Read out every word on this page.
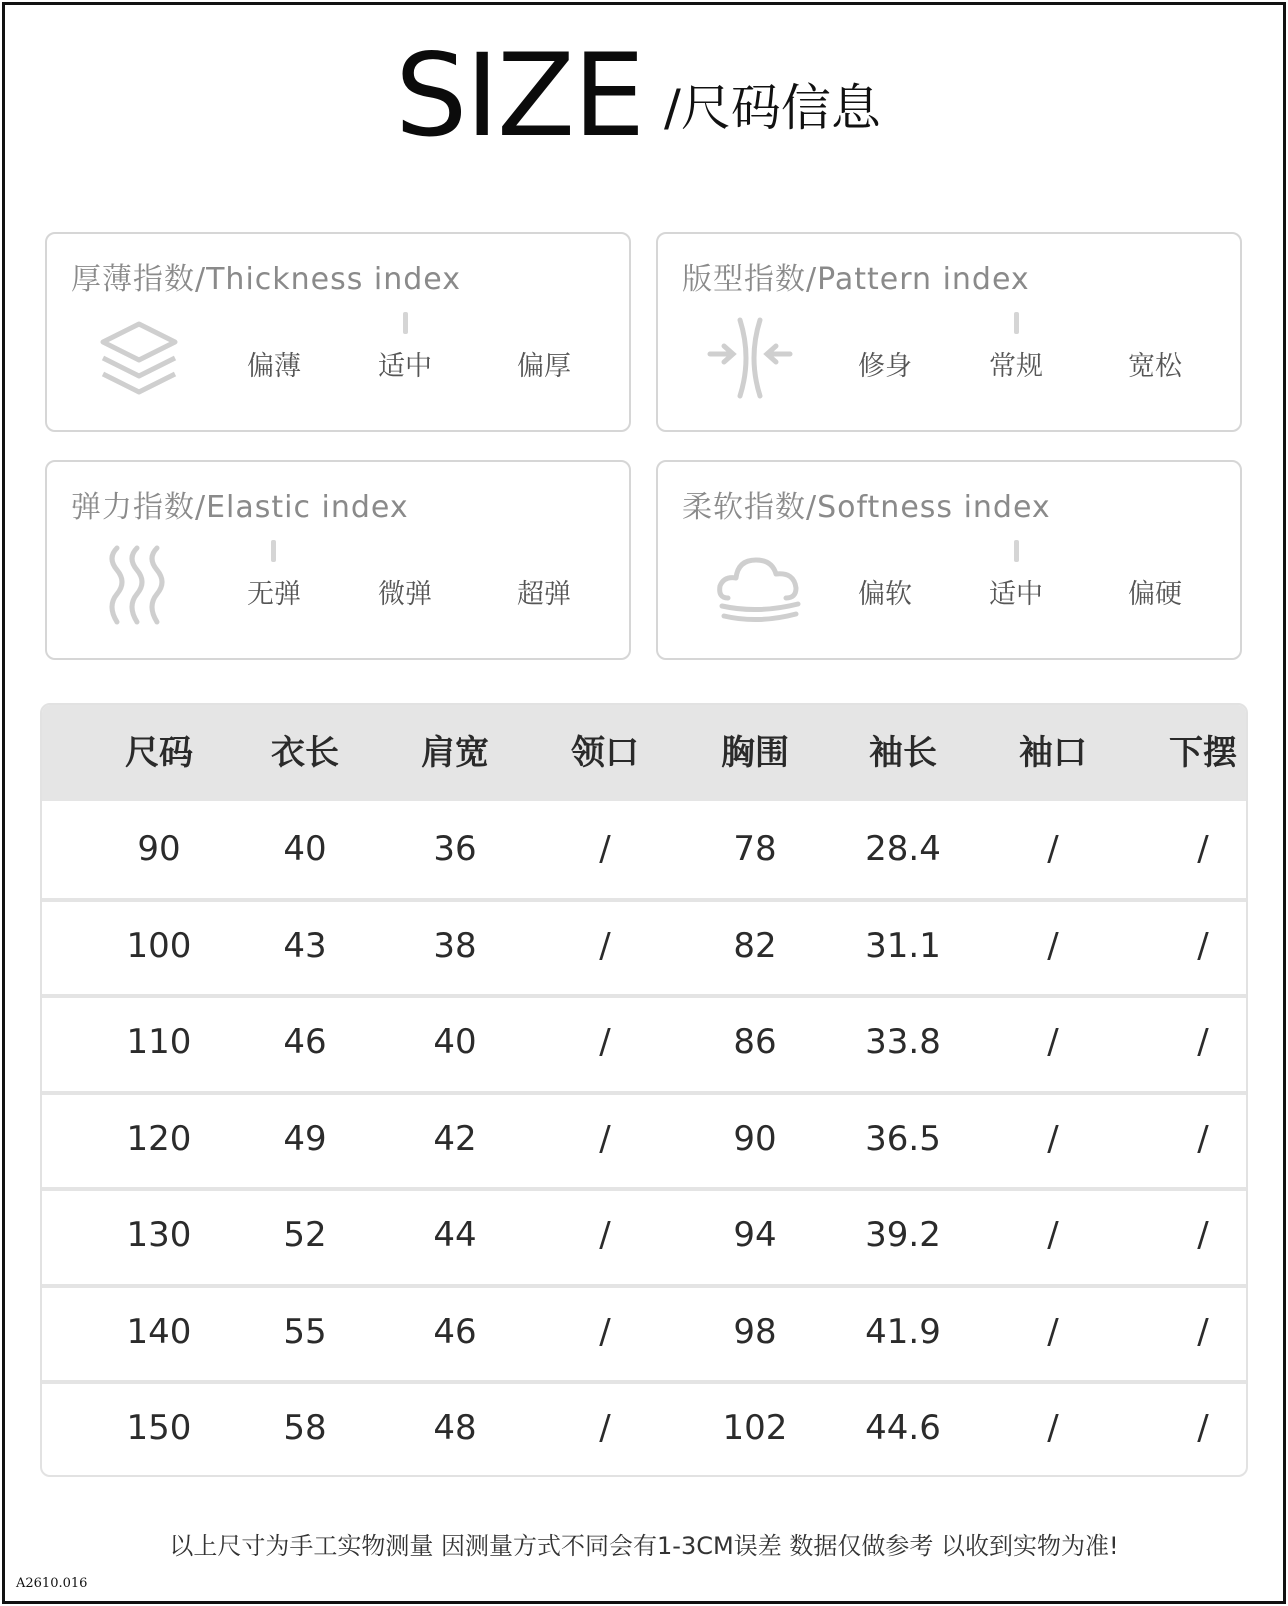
SIZE /尺码信息
厚薄指数/Thickness index
偏薄	适中	偏厚
版型指数/Pattern index
修身	常规	宽松
弹力指数/Elastic index
无弹	微弹	超弹
柔软指数/Softness index
偏软	适中	偏硬
尺码	衣长	肩宽	领口	胸围	袖长	袖口	下摆
90	40	36	/	78	28.4	/	/
100	43	38	/	82	31.1	/	/
110	46	40	/	86	33.8	/	/
120	49	42	/	90	36.5	/	/
130	52	44	/	94	39.2	/	/
140	55	46	/	98	41.9	/	/
150	58	48	/	102	44.6	/	/
以上尺寸为手工实物测量 因测量方式不同会有1-3CM误差 数据仅做参考 以收到实物为准!
A2610.016
